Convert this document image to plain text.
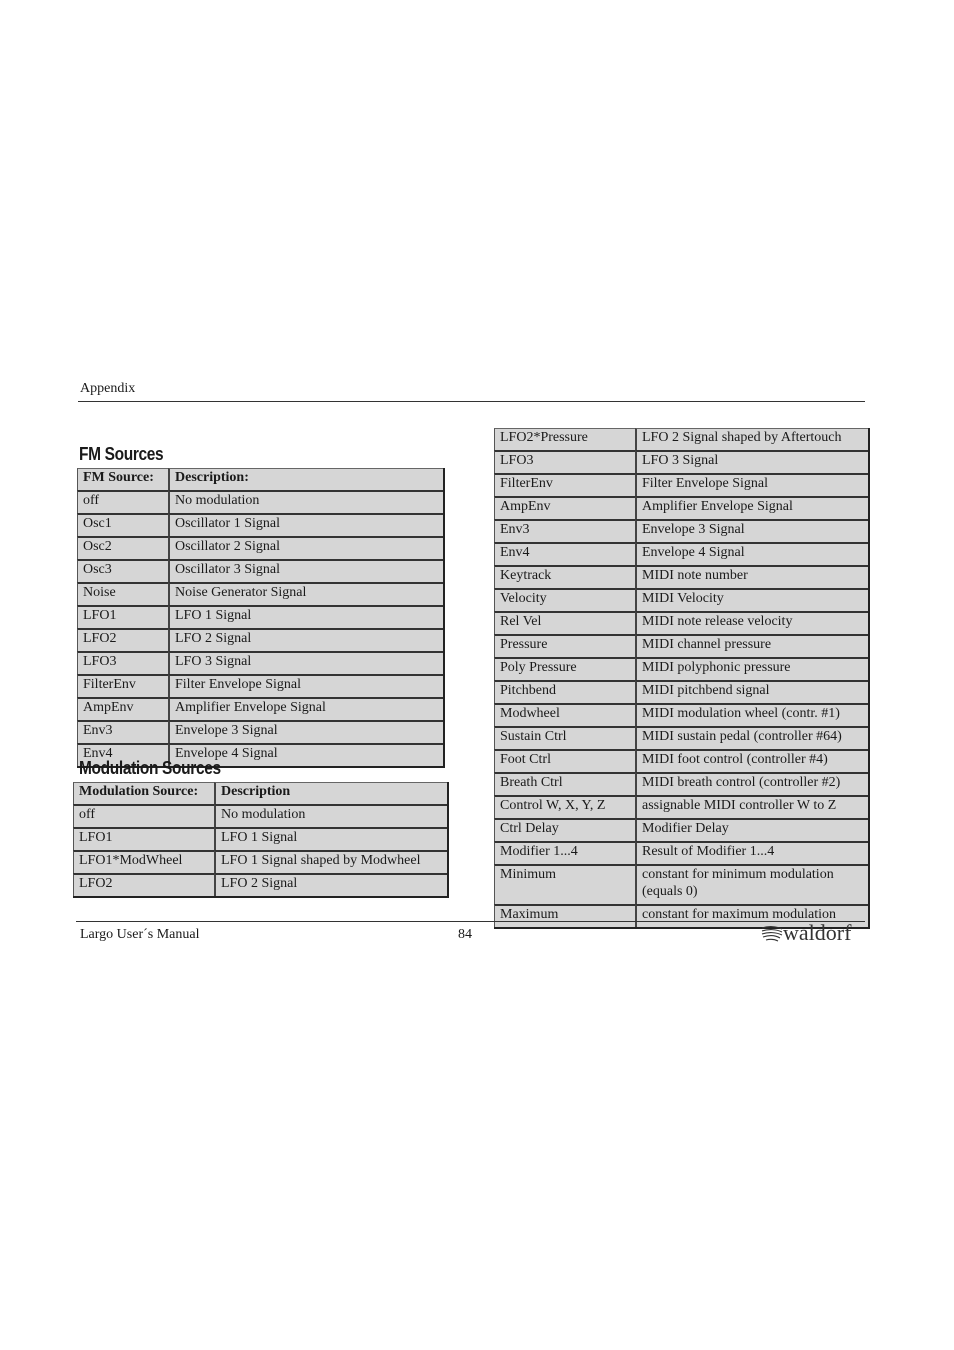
Appendix
FM Sources
FM Source:	Description:
off	No modulation
Osc1	Oscillator 1 Signal
Osc2	Oscillator 2 Signal
Osc3	Oscillator 3 Signal
Noise	Noise Generator Signal
LFO1	LFO 1 Signal
LFO2	LFO 2 Signal
LFO3	LFO 3 Signal
FilterEnv	Filter Envelope Signal
AmpEnv	Amplifier Envelope Signal
Env3	Envelope 3 Signal
Env4	Envelope 4 Signal
Modulation Sources
Modulation Source:	Description
off	No modulation
LFO1	LFO 1 Signal
LFO1*ModWheel	LFO 1 Signal shaped by Modwheel
LFO2	LFO 2 Signal
LFO2*Pressure	LFO 2 Signal shaped by Aftertouch
LFO3	LFO 3 Signal
FilterEnv	Filter Envelope Signal
AmpEnv	Amplifier Envelope Signal
Env3	Envelope 3 Signal
Env4	Envelope 4 Signal
Keytrack	MIDI note number
Velocity	MIDI Velocity
Rel Vel	MIDI note release velocity
Pressure	MIDI channel pressure
Poly Pressure	MIDI polyphonic pressure
Pitchbend	MIDI pitchbend signal
Modwheel	MIDI modulation wheel (contr. #1)
Sustain Ctrl	MIDI sustain pedal (controller #64)
Foot Ctrl	MIDI foot control (controller #4)
Breath Ctrl	MIDI breath control (controller #2)
Control W, X, Y, Z	assignable MIDI controller W to Z
Ctrl Delay	Modifier Delay
Modifier 1...4	Result of Modifier 1...4
Minimum	constant for minimum modulation (equals 0)
Maximum	constant for maximum modulation
Largo User´s Manual	84	waldorf
